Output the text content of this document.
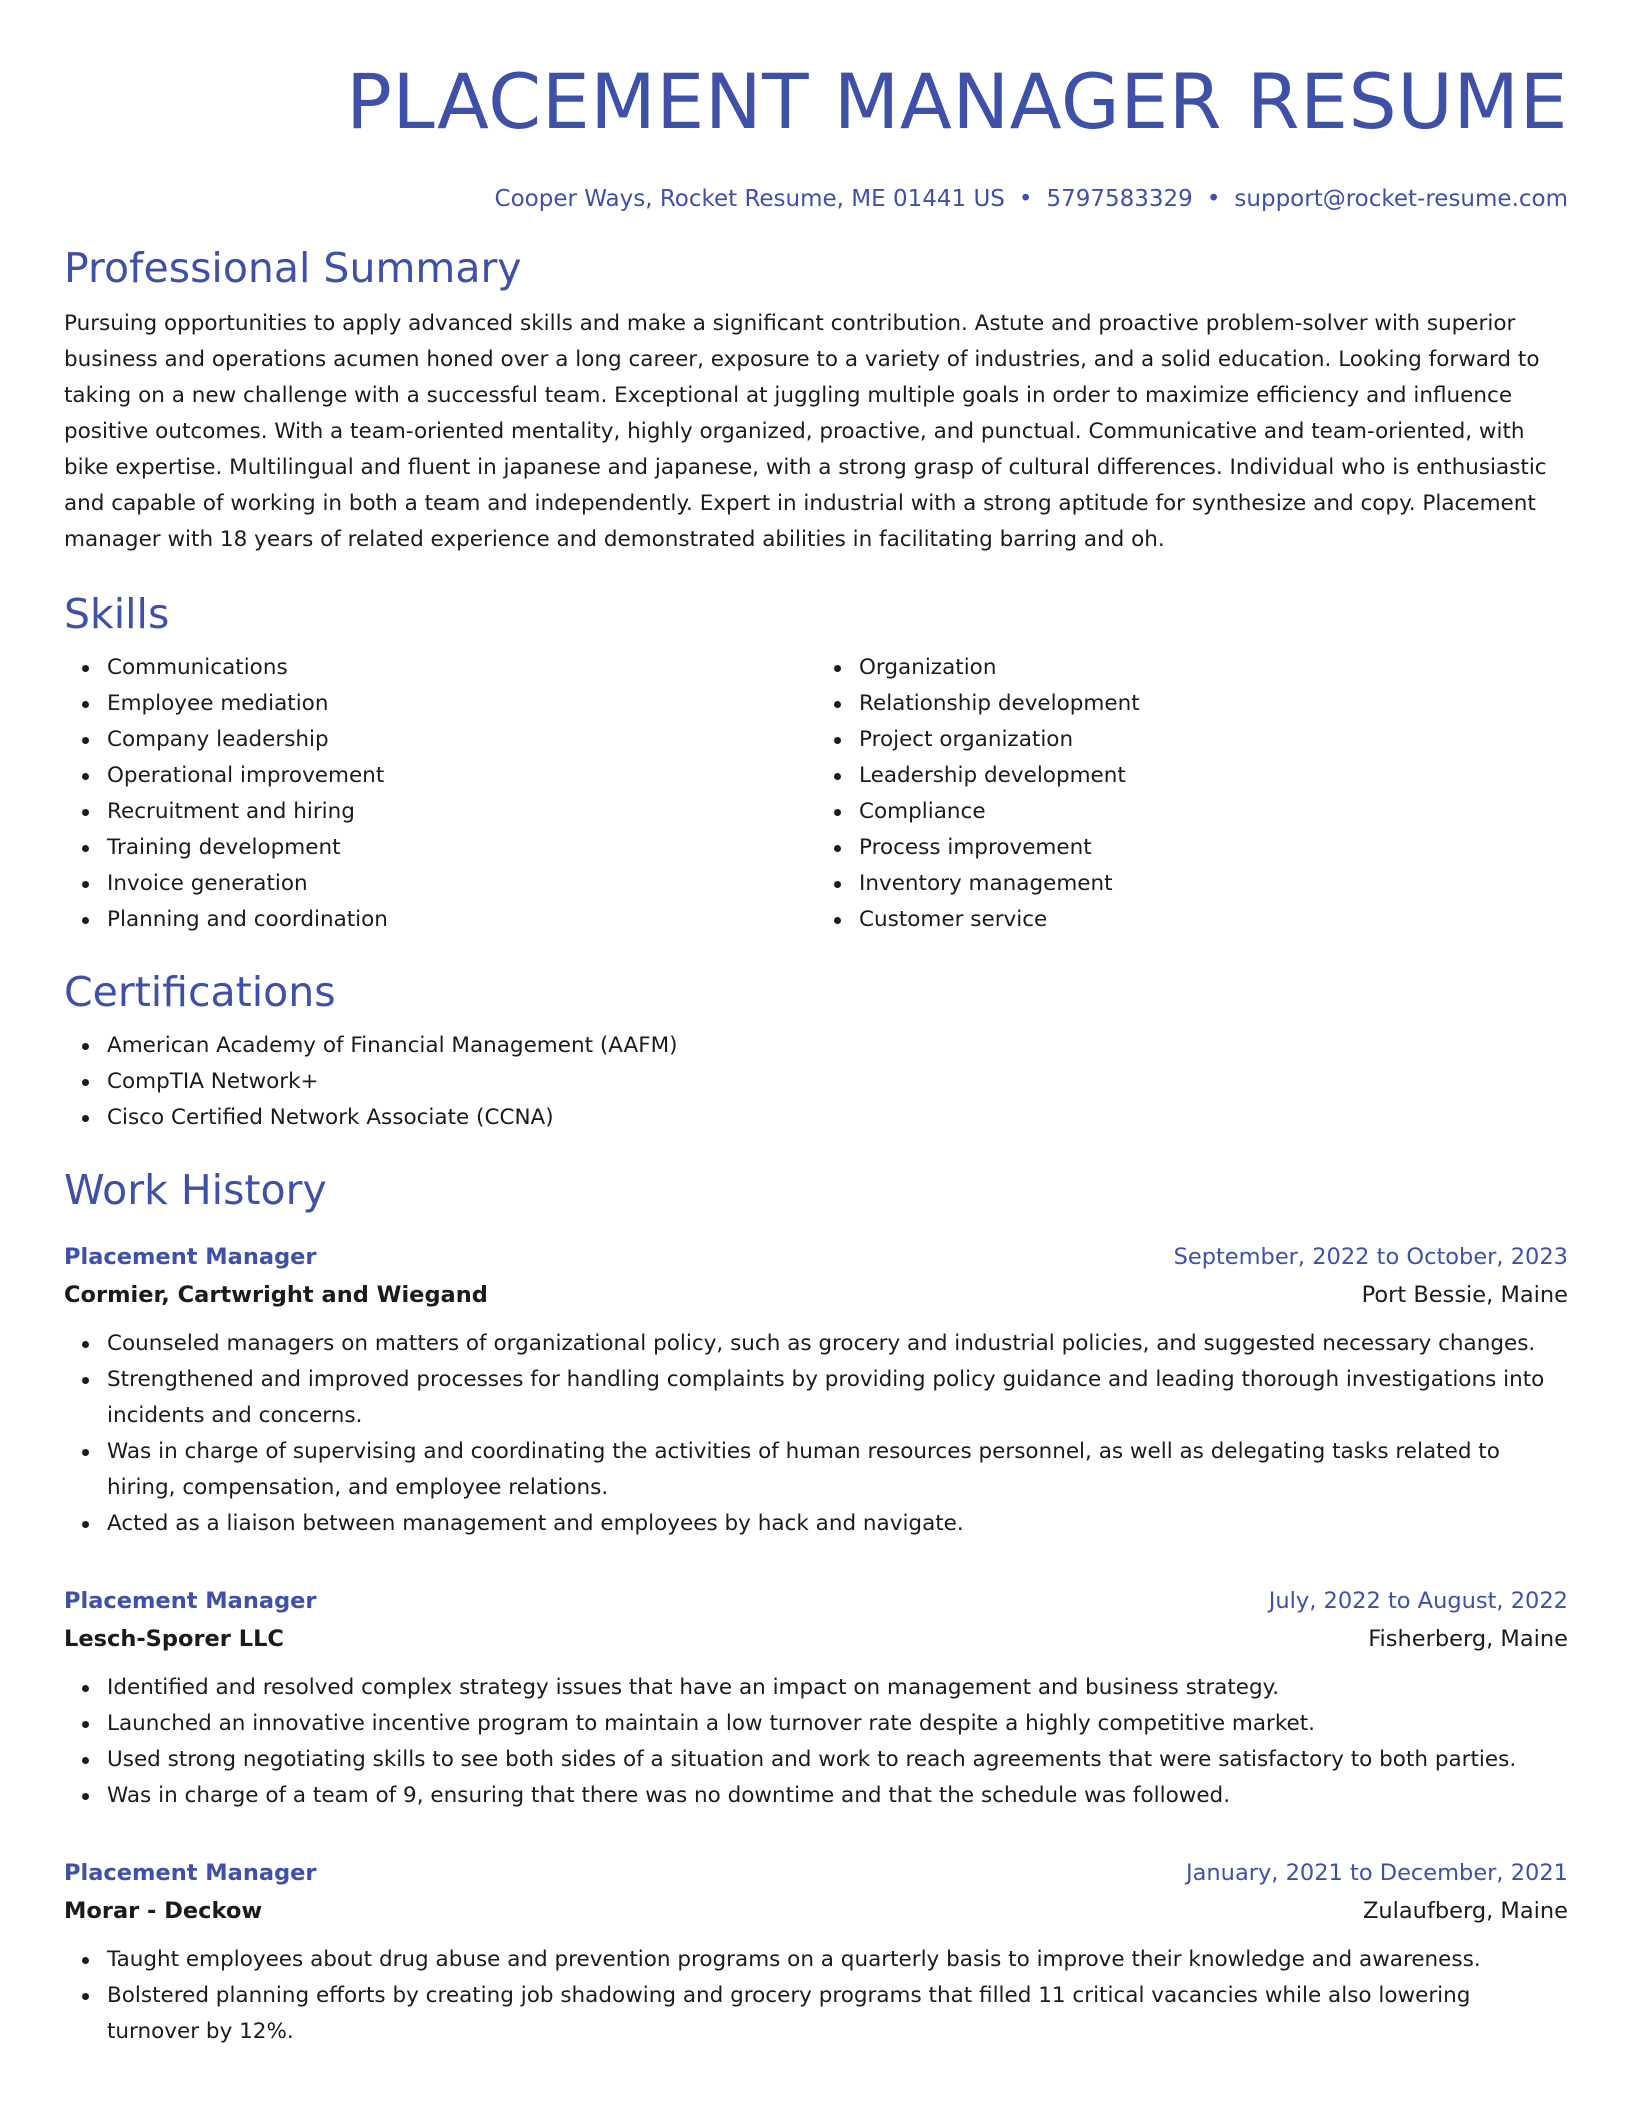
PLACEMENT MANAGER RESUME
Cooper Ways, Rocket Resume, ME 01441 US • 5797583329 • support@rocket-resume.com
Professional Summary

Pursuing opportunities to apply advanced skills and make a significant contribution. Astute and proactive problem-solver with superior business and operations acumen honed over a long career, exposure to a variety of industries, and a solid education. Looking forward to taking on a new challenge with a successful team. Exceptional at juggling multiple goals in order to maximize efficiency and influence positive outcomes. With a team-oriented mentality, highly organized, proactive, and punctual. Communicative and team-oriented, with bike expertise. Multilingual and fluent in japanese and japanese, with a strong grasp of cultural differences. Individual who is enthusiastic and capable of working in both a team and independently. Expert in industrial with a strong aptitude for synthesize and copy. Placement manager with 18 years of related experience and demonstrated abilities in facilitating barring and oh.

Skills
Communications
Employee mediation
Company leadership
Operational improvement
Recruitment and hiring
Training development
Invoice generation
Planning and coordination
Organization
Relationship development
Project organization
Leadership development
Compliance
Process improvement
Inventory management
Customer service
Certifications
American Academy of Financial Management (AAFM)
CompTIA Network+
Cisco Certified Network Associate (CCNA)
Work History
Placement Manager	September, 2022 to October, 2023
Cormier, Cartwright and Wiegand	Port Bessie, Maine
Counseled managers on matters of organizational policy, such as grocery and industrial policies, and suggested necessary changes.
Strengthened and improved processes for handling complaints by providing policy guidance and leading thorough investigations into incidents and concerns.
Was in charge of supervising and coordinating the activities of human resources personnel, as well as delegating tasks related to hiring, compensation, and employee relations.
Acted as a liaison between management and employees by hack and navigate.
Placement Manager	July, 2022 to August, 2022
Lesch-Sporer LLC	Fisherberg, Maine
Identified and resolved complex strategy issues that have an impact on management and business strategy.
Launched an innovative incentive program to maintain a low turnover rate despite a highly competitive market.
Used strong negotiating skills to see both sides of a situation and work to reach agreements that were satisfactory to both parties.
Was in charge of a team of 9, ensuring that there was no downtime and that the schedule was followed.
Placement Manager	January, 2021 to December, 2021
Morar - Deckow	Zulaufberg, Maine
Taught employees about drug abuse and prevention programs on a quarterly basis to improve their knowledge and awareness.
Bolstered planning efforts by creating job shadowing and grocery programs that filled 11 critical vacancies while also lowering turnover by 12%.
